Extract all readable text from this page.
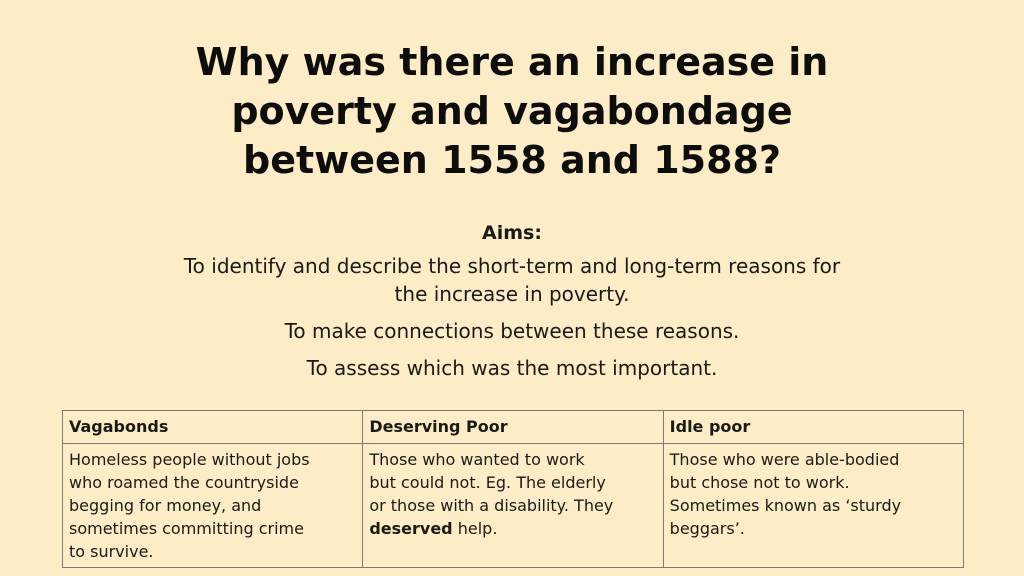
Why was there an increase in
poverty and vagabondage
between 1558 and 1588?

Aims:

To identify and describe the short-term and long-term reasons for
the increase in poverty.

To make connections between these reasons.

To assess which was the most important.

Vagabonds	Deserving Poor	Idle poor

Homeless people without jobs
who roamed the countryside
begging for money, and
sometimes committing crime
to survive.	Those who wanted to work
but could not. Eg. The elderly
or those with a disability. They
deserved help.	Those who were able-bodied
but chose not to work.
Sometimes known as ‘sturdy
beggars’.
